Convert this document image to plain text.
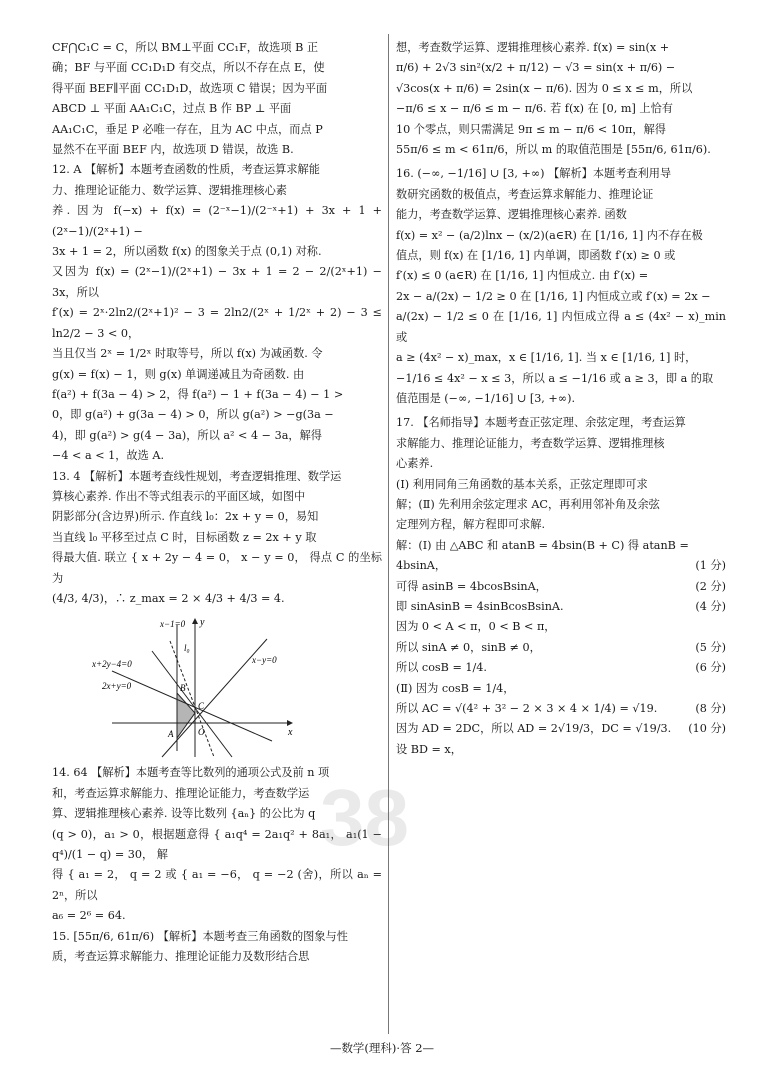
CF⋂C₁C = C，所以 BM⊥平面 CC₁F，故选项 B 正

确；BF 与平面 CC₁D₁D 有交点，所以不存在点 E，使

得平面 BEF∥平面 CC₁D₁D，故选项 C 错误；因为平面

ABCD ⊥ 平面 AA₁C₁C，过点 B 作 BP ⊥ 平面

AA₁C₁C，垂足 P 必唯一存在，且为 AC 中点，而点 P

显然不在平面 BEF 内，故选项 D 错误，故选 B.

12. A 【解析】本题考查函数的性质，考查运算求解能

力、推理论证能力、数学运算、逻辑推理核心素

养. 因为 f(−x) + f(x) = (2⁻ˣ−1)/(2⁻ˣ+1) + 3x + 1 + (2ˣ−1)/(2ˣ+1) −

3x + 1 = 2，所以函数 f(x) 的图象关于点 (0,1) 对称.

又因为 f(x) = (2ˣ−1)/(2ˣ+1) − 3x + 1 = 2 − 2/(2ˣ+1) − 3x，所以

f′(x) = 2ˣ·2ln2/(2ˣ+1)² − 3 = 2ln2/(2ˣ + 1/2ˣ + 2) − 3 ≤ ln2/2 − 3 < 0，

当且仅当 2ˣ = 1/2ˣ 时取等号，所以 f(x) 为减函数. 令

g(x) = f(x) − 1，则 g(x) 单调递减且为奇函数. 由

f(a²) + f(3a − 4) > 2，得 f(a²) − 1 + f(3a − 4) − 1 >

0，即 g(a²) + g(3a − 4) > 0，所以 g(a²) > −g(3a −

4)，即 g(a²) > g(4 − 3a)，所以 a² < 4 − 3a，解得

−4 < a < 1，故选 A.

13. 4 【解析】本题考查线性规划，考查逻辑推理、数学运

算核心素养. 作出不等式组表示的平面区域，如图中

阴影部分(含边界)所示. 作直线 l₀：2x + y = 0，易知

当直线 l₀ 平移至过点 C 时，目标函数 z = 2x + y 取

得最大值. 联立 { x + 2y − 4 = 0， x − y = 0， 得点 C 的坐标为

(4/3, 4/3)，∴ z_max = 2 × 4/3 + 4/3 = 4.

x−1=0
l₀
x+2y−4=0
2x+y=0
x−y=0
y
x
A
B
C
O

14. 64 【解析】本题考查等比数列的通项公式及前 n 项

和，考查运算求解能力、推理论证能力，考查数学运

算、逻辑推理核心素养. 设等比数列 {aₙ} 的公比为 q

(q > 0)，a₁ > 0，根据题意得 { a₁q⁴ = 2a₁q² + 8a₁， a₁(1 − q⁴)/(1 − q) = 30， 解

得 { a₁ = 2， q = 2 或 { a₁ = −6， q = −2 (舍)，所以 aₙ = 2ⁿ，所以

a₆ = 2⁶ = 64.

15. [55π/6, 61π/6) 【解析】本题考查三角函数的图象与性

质，考查运算求解能力、推理论证能力及数形结合思

想，考查数学运算、逻辑推理核心素养. f(x) = sin(x +

π/6) + 2√3 sin²(x/2 + π/12) − √3 = sin(x + π/6) −

√3cos(x + π/6) = 2sin(x − π/6). 因为 0 ≤ x ≤ m，所以

−π/6 ≤ x − π/6 ≤ m − π/6. 若 f(x) 在 [0, m] 上恰有

10 个零点，则只需满足 9π ≤ m − π/6 < 10π，解得

55π/6 ≤ m < 61π/6，所以 m 的取值范围是 [55π/6, 61π/6).

16. (−∞, −1/16] ∪ [3, +∞) 【解析】本题考查利用导

数研究函数的极值点，考查运算求解能力、推理论证

能力，考查数学运算、逻辑推理核心素养. 函数

f(x) = x² − (a/2)lnx − (x/2)(a∈R) 在 [1/16, 1] 内不存在极

值点，则 f(x) 在 [1/16, 1] 内单调，即函数 f′(x) ≥ 0 或

f′(x) ≤ 0 (a∈R) 在 [1/16, 1] 内恒成立. 由 f′(x) =

2x − a/(2x) − 1/2 ≥ 0 在 [1/16, 1] 内恒成立或 f′(x) = 2x −

a/(2x) − 1/2 ≤ 0 在 [1/16, 1] 内恒成立得 a ≤ (4x² − x)_min 或

a ≥ (4x² − x)_max，x ∈ [1/16, 1]. 当 x ∈ [1/16, 1] 时，

−1/16 ≤ 4x² − x ≤ 3，所以 a ≤ −1/16 或 a ≥ 3，即 a 的取

值范围是 (−∞, −1/16] ∪ [3, +∞).

17. 【名师指导】本题考查正弦定理、余弦定理，考查运算

求解能力、推理论证能力，考查数学运算、逻辑推理核

心素养.

(Ⅰ) 利用同角三角函数的基本关系，正弦定理即可求

解；(Ⅱ) 先利用余弦定理求 AC，再利用邻补角及余弦

定理列方程，解方程即可求解.

解：(Ⅰ) 由 △ABC 和 atanB = 4bsin(B + C) 得 atanB =
4bsinA，	(1 分)
可得 asinB = 4bcosBsinA，	(2 分)
即 sinAsinB = 4sinBcosBsinA.	(4 分)
因为 0 < A < π，0 < B < π，
所以 sinA ≠ 0，sinB ≠ 0，	(5 分)
所以 cosB = 1/4.	(6 分)
(Ⅱ) 因为 cosB = 1/4，
所以 AC = √(4² + 3² − 2 × 3 × 4 × 1/4) = √19.	(8 分)
因为 AD = 2DC，所以 AD = 2√19/3，DC = √19/3. (10 分)
设 BD = x，
38
—数学(理科)·答 2—
